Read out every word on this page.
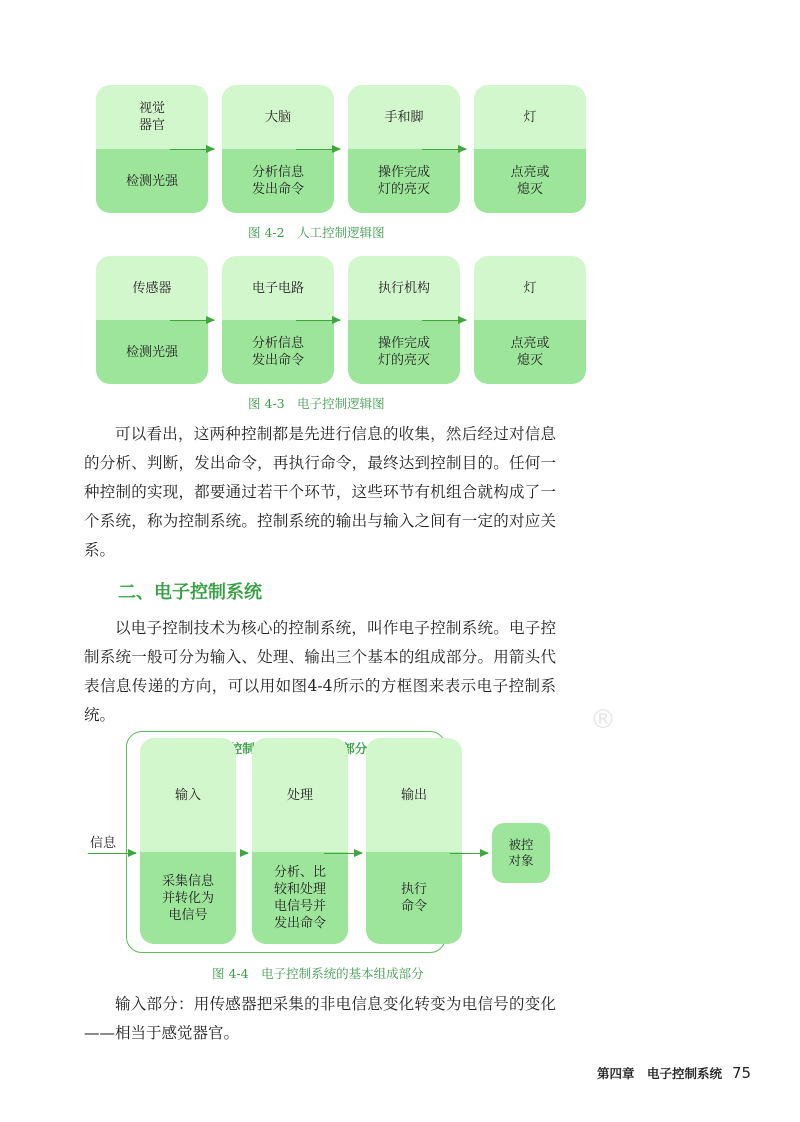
视觉
器官
检测光强
大脑
分析信息
发出命令
手和脚
操作完成
灯的亮灭
灯
点亮或
熄灭
图 4-2　人工控制逻辑图
传感器
检测光强
电子电路
分析信息
发出命令
执行机构
操作完成
灯的亮灭
灯
点亮或
熄灭
图 4-3　电子控制逻辑图

可以看出，这两种控制都是先进行信息的收集，然后经过对信息的分析、判断，发出命令，再执行命令，最终达到控制目的。任何一种控制的实现，都要通过若干个环节，这些环节有机组合就构成了一个系统，称为控制系统。控制系统的输出与输入之间有一定的对应关系。

二、电子控制系统

以电子控制技术为核心的控制系统，叫作电子控制系统。电子控制系统一般可分为输入、处理、输出三个基本的组成部分。用箭头代表信息传递的方向，可以用如图4-4所示的方框图来表示电子控制系统。	®
信息
输入
采集信息
并转化为
电信号
处理
分析、比
较和处理
电信号并
发出命令
输出
执行
命令
被控
对象
图 4-4　电子控制系统的基本组成部分

输入部分：用传感器把采集的非电信息变化转变为电信号的变化——相当于感觉器官。

第四章　电子控制系统 75
